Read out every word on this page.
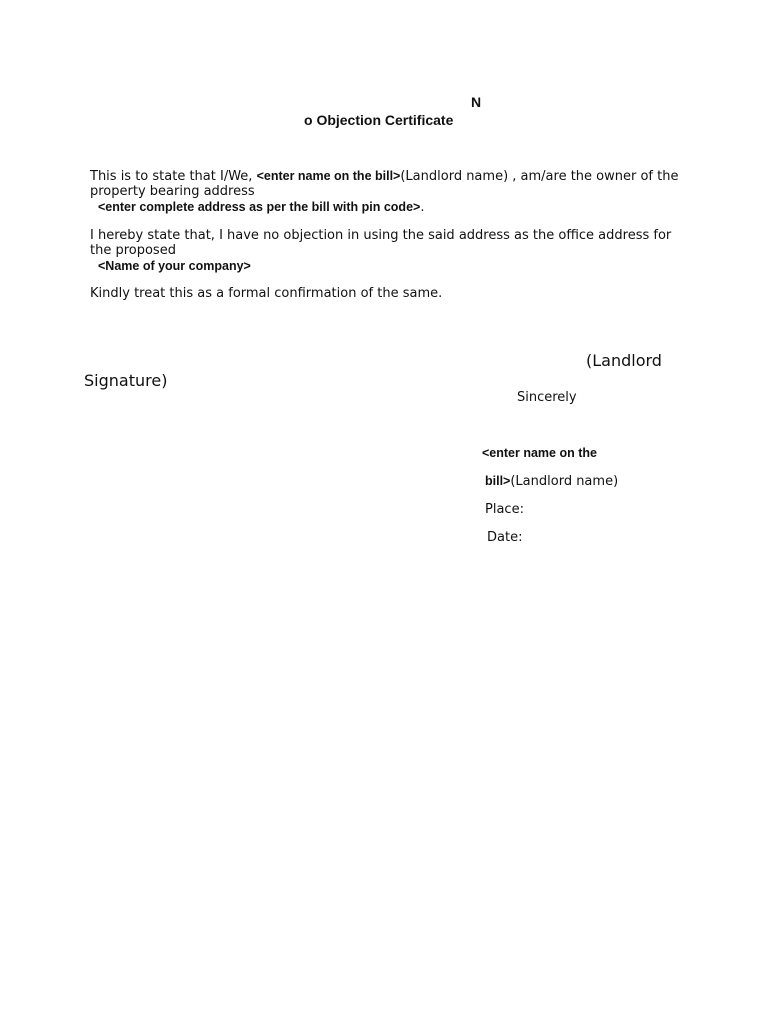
N
o Objection Certificate
This is to state that I/We, <enter name on the bill>(Landlord name) , am/are the owner of the property bearing address
<enter complete address as per the bill with pin code>.
I hereby state that, I have no objection in using the said address as the office address for the proposed
<Name of your company>
Kindly treat this as a formal confirmation of the same.
(Landlord
Signature)
Sincerely
<enter name on the
bill>(Landlord name)
Place:
Date:
